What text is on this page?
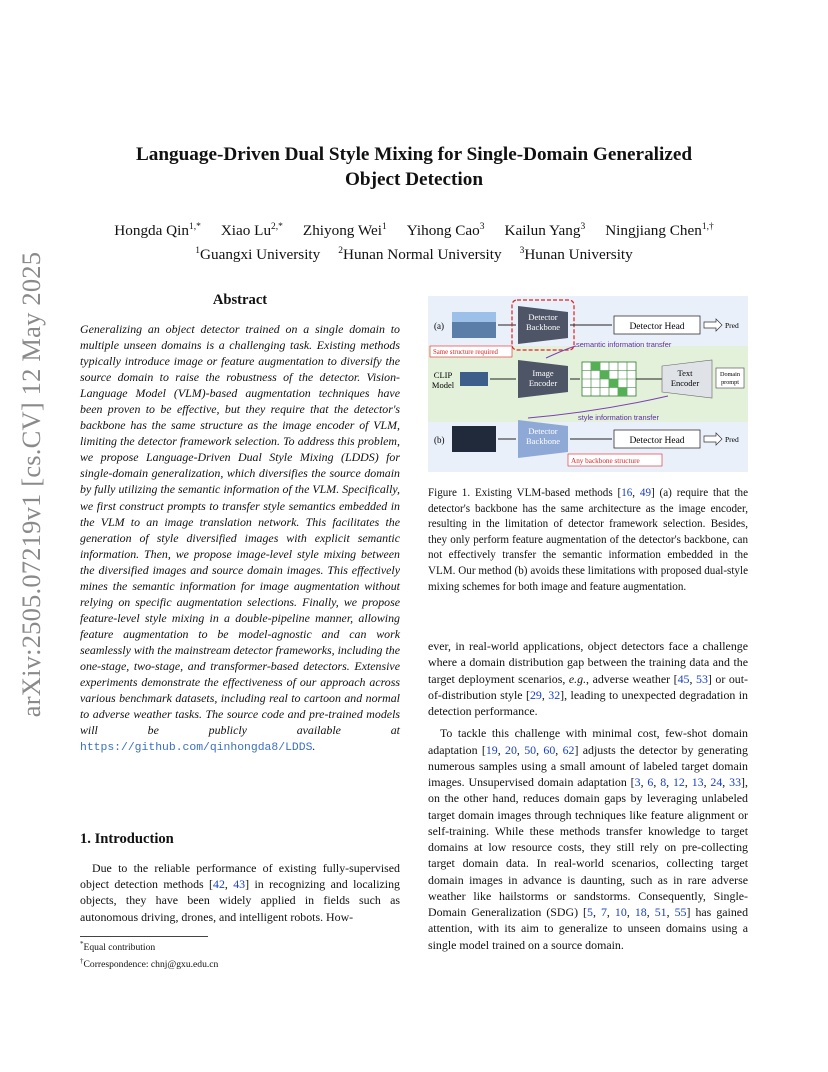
arXiv:2505.07219v1 [cs.CV] 12 May 2025
Language-Driven Dual Style Mixing for Single-Domain Generalized
Object Detection
Hongda Qin$^{1,*}$ Xiao $Lu^{2,*}$ Zhiyong Wei$^1$ Yihong Cao$^3$ Kailun Yang$^3$ Ningjiang Chen$^{1,\dagger}$
$^1$Guangxi University $^2$Hunan Normal University $^3$Hunan University
Abstract
Generalizing an object detector trained on a single domain to multiple unseen domains is a challenging task. Existing methods typically introduce image or feature augmentation to diversify the source domain to raise the robustness of the detector. Vision-Language Model (VLM)-based augmentation techniques have been proven to be effective, but they require that the detector's backbone has the same structure as the image encoder of VLM, limiting the detector framework selection. To address this problem, we propose Language-Driven Dual Style Mixing (LDDS) for single-domain generalization, which diversifies the source domain by fully utilizing the semantic information of the VLM. Specifically, we first construct prompts to transfer style semantics embedded in the VLM to an image translation network. This facilitates the generation of style diversified images with explicit semantic information. Then, we propose image-level style mixing between the diversified images and source domain images. This effectively mines the semantic information for image augmentation without relying on specific augmentation selections. Finally, we propose feature-level style mixing in a double-pipeline manner, allowing feature augmentation to be model-agnostic and can work seamlessly with the mainstream detector frameworks, including the one-stage, two-stage, and transformer-based detectors. Extensive experiments demonstrate the effectiveness of our approach across various benchmark datasets, including real to cartoon and normal to adverse weather tasks. The source code and pre-trained models will be publicly available at https://github.com/qinhongda8/LDDS.
1. Introduction
Due to the reliable performance of existing fully-supervised object detection methods [42, 43] in recognizing and localizing objects, they have been widely applied in fields such as autonomous driving, drones, and intelligent robots. How-
*Equal contribution
†Correspondence: chnj@gxu.edu.cn
(a)
Detector Backbone	Detector Head	Pred
Same structure required
semantic information transfer
CLIP Model
Image Encoder
Text Encoder
Domain prompt
style information transfer
(b)
Detector Backbone	Detector Head	Pred
Any backbone structure
Figure 1. Existing VLM-based methods [16, 49] (a) require that the detector's backbone has the same architecture as the image encoder, resulting in the limitation of detector framework selection. Besides, they only perform feature augmentation of the detector's backbone, can not effectively transfer the semantic information embedded in the VLM. Our method (b) avoids these limitations with proposed dual-style mixing schemes for both image and feature augmentation.

ever, in real-world applications, object detectors face a challenge where a domain distribution gap between the training data and the target deployment scenarios, e.g., adverse weather [45, 53] or out-of-distribution style [29, 32], leading to unexpected degradation in detection performance.

To tackle this challenge with minimal cost, few-shot domain adaptation [19, 20, 50, 60, 62] adjusts the detector by generating numerous samples using a small amount of labeled target domain images. Unsupervised domain adaptation [3, 6, 8, 12, 13, 24, 33], on the other hand, reduces domain gaps by leveraging unlabeled target domain images through techniques like feature alignment or self-training. While these methods transfer knowledge to target domains at low resource costs, they still rely on pre-collecting target domain data. In real-world scenarios, collecting target domain images in advance is daunting, such as in rare adverse weather like hailstorms or sandstorms. Consequently, Single-Domain Generalization (SDG) [5, 7, 10, 18, 51, 55] has gained attention, with its aim to generalize to unseen domains using a single model trained on a source domain.
